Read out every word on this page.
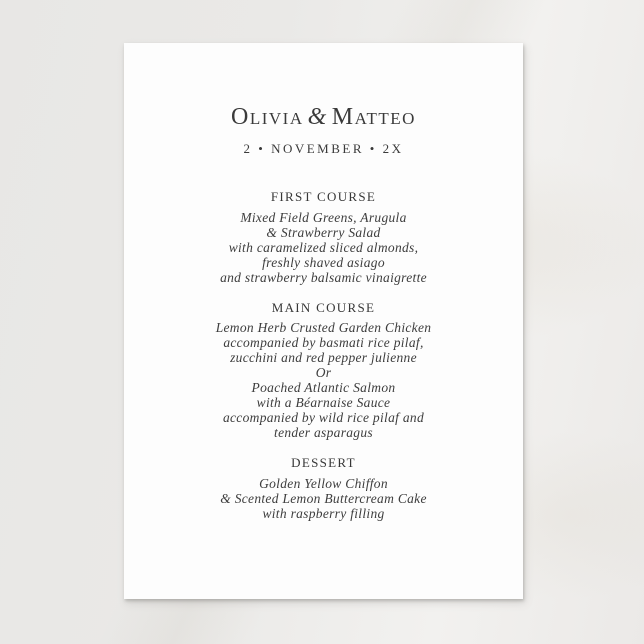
Olivia & Matteo
2 • NOVEMBER • 2X
FIRST COURSE
Mixed Field Greens, Arugula
& Strawberry Salad
with caramelized sliced almonds,
freshly shaved asiago
and strawberry balsamic vinaigrette
MAIN COURSE
Lemon Herb Crusted Garden Chicken
accompanied by basmati rice pilaf,
zucchini and red pepper julienne
Or
Poached Atlantic Salmon
with a Béarnaise Sauce
accompanied by wild rice pilaf and
tender asparagus
DESSERT
Golden Yellow Chiffon
& Scented Lemon Buttercream Cake
with raspberry filling
